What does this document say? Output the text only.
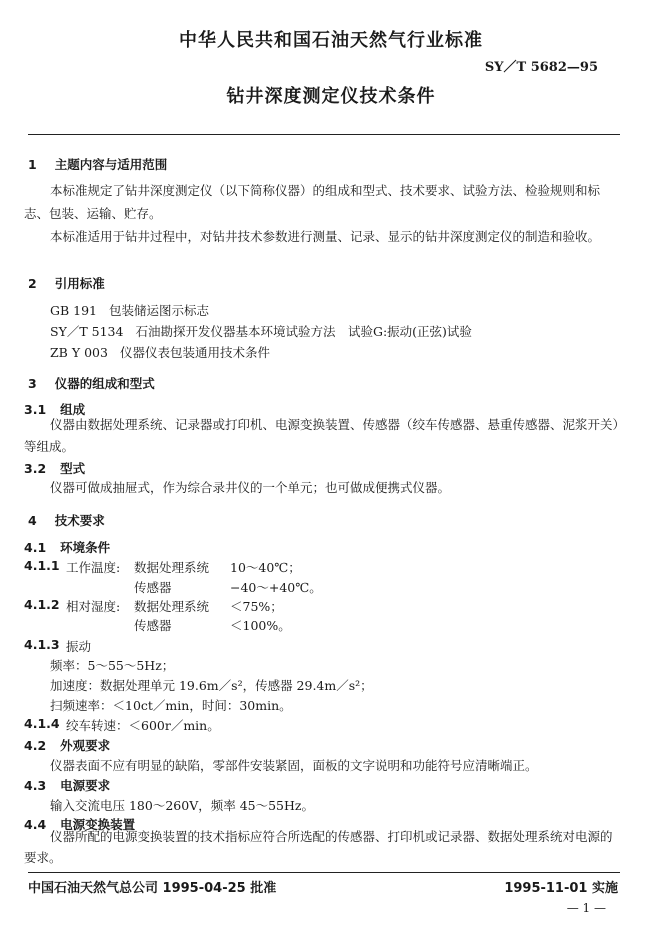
中华人民共和国石油天然气行业标准
SY／T 5682—95
钻井深度测定仪技术条件
1 主题内容与适用范围
本标准规定了钻井深度测定仪（以下简称仪器）的组成和型式、技术要求、试验方法、检验规则和标志、包装、运输、贮存。
本标准适用于钻井过程中，对钻井技术参数进行测量、记录、显示的钻井深度测定仪的制造和验收。
2 引用标准
GB 191 包装储运图示标志
SY／T 5134 石油勘探开发仪器基本环境试验方法　试验G:振动(正弦)试验
ZB Y 003 仪器仪表包装通用技术条件
3 仪器的组成和型式
3.1 组成
仪器由数据处理系统、记录器或打印机、电源变换装置、传感器（绞车传感器、悬重传感器、泥浆开关）等组成。
3.2 型式
仪器可做成抽屉式，作为综合录井仪的一个单元；也可做成便携式仪器。
4 技术要求
4.1 环境条件
4.1.1 工作温度: 数据处理系统 10～40℃；
传感器	−40～+40℃。
4.1.2 相对湿度: 数据处理系统 ＜75%；
传感器	＜100%。
4.1.3 振动
频率：5～55～5Hz；
加速度：数据处理单元 19.6m／s²，传感器 29.4m／s²；
扫频速率：＜10ct／min，时间：30min。
4.1.4 绞车转速：＜600r／min。
4.2 外观要求
仪器表面不应有明显的缺陷，零部件安装紧固，面板的文字说明和功能符号应清晰端正。
4.3 电源要求
输入交流电压 180～260V，频率 45～55Hz。
4.4 电源变换装置
仪器所配的电源变换装置的技术指标应符合所选配的传感器、打印机或记录器、数据处理系统对电源的要求。
中国石油天然气总公司 1995-04-25 批准	1995-11-01 实施
— 1 —
